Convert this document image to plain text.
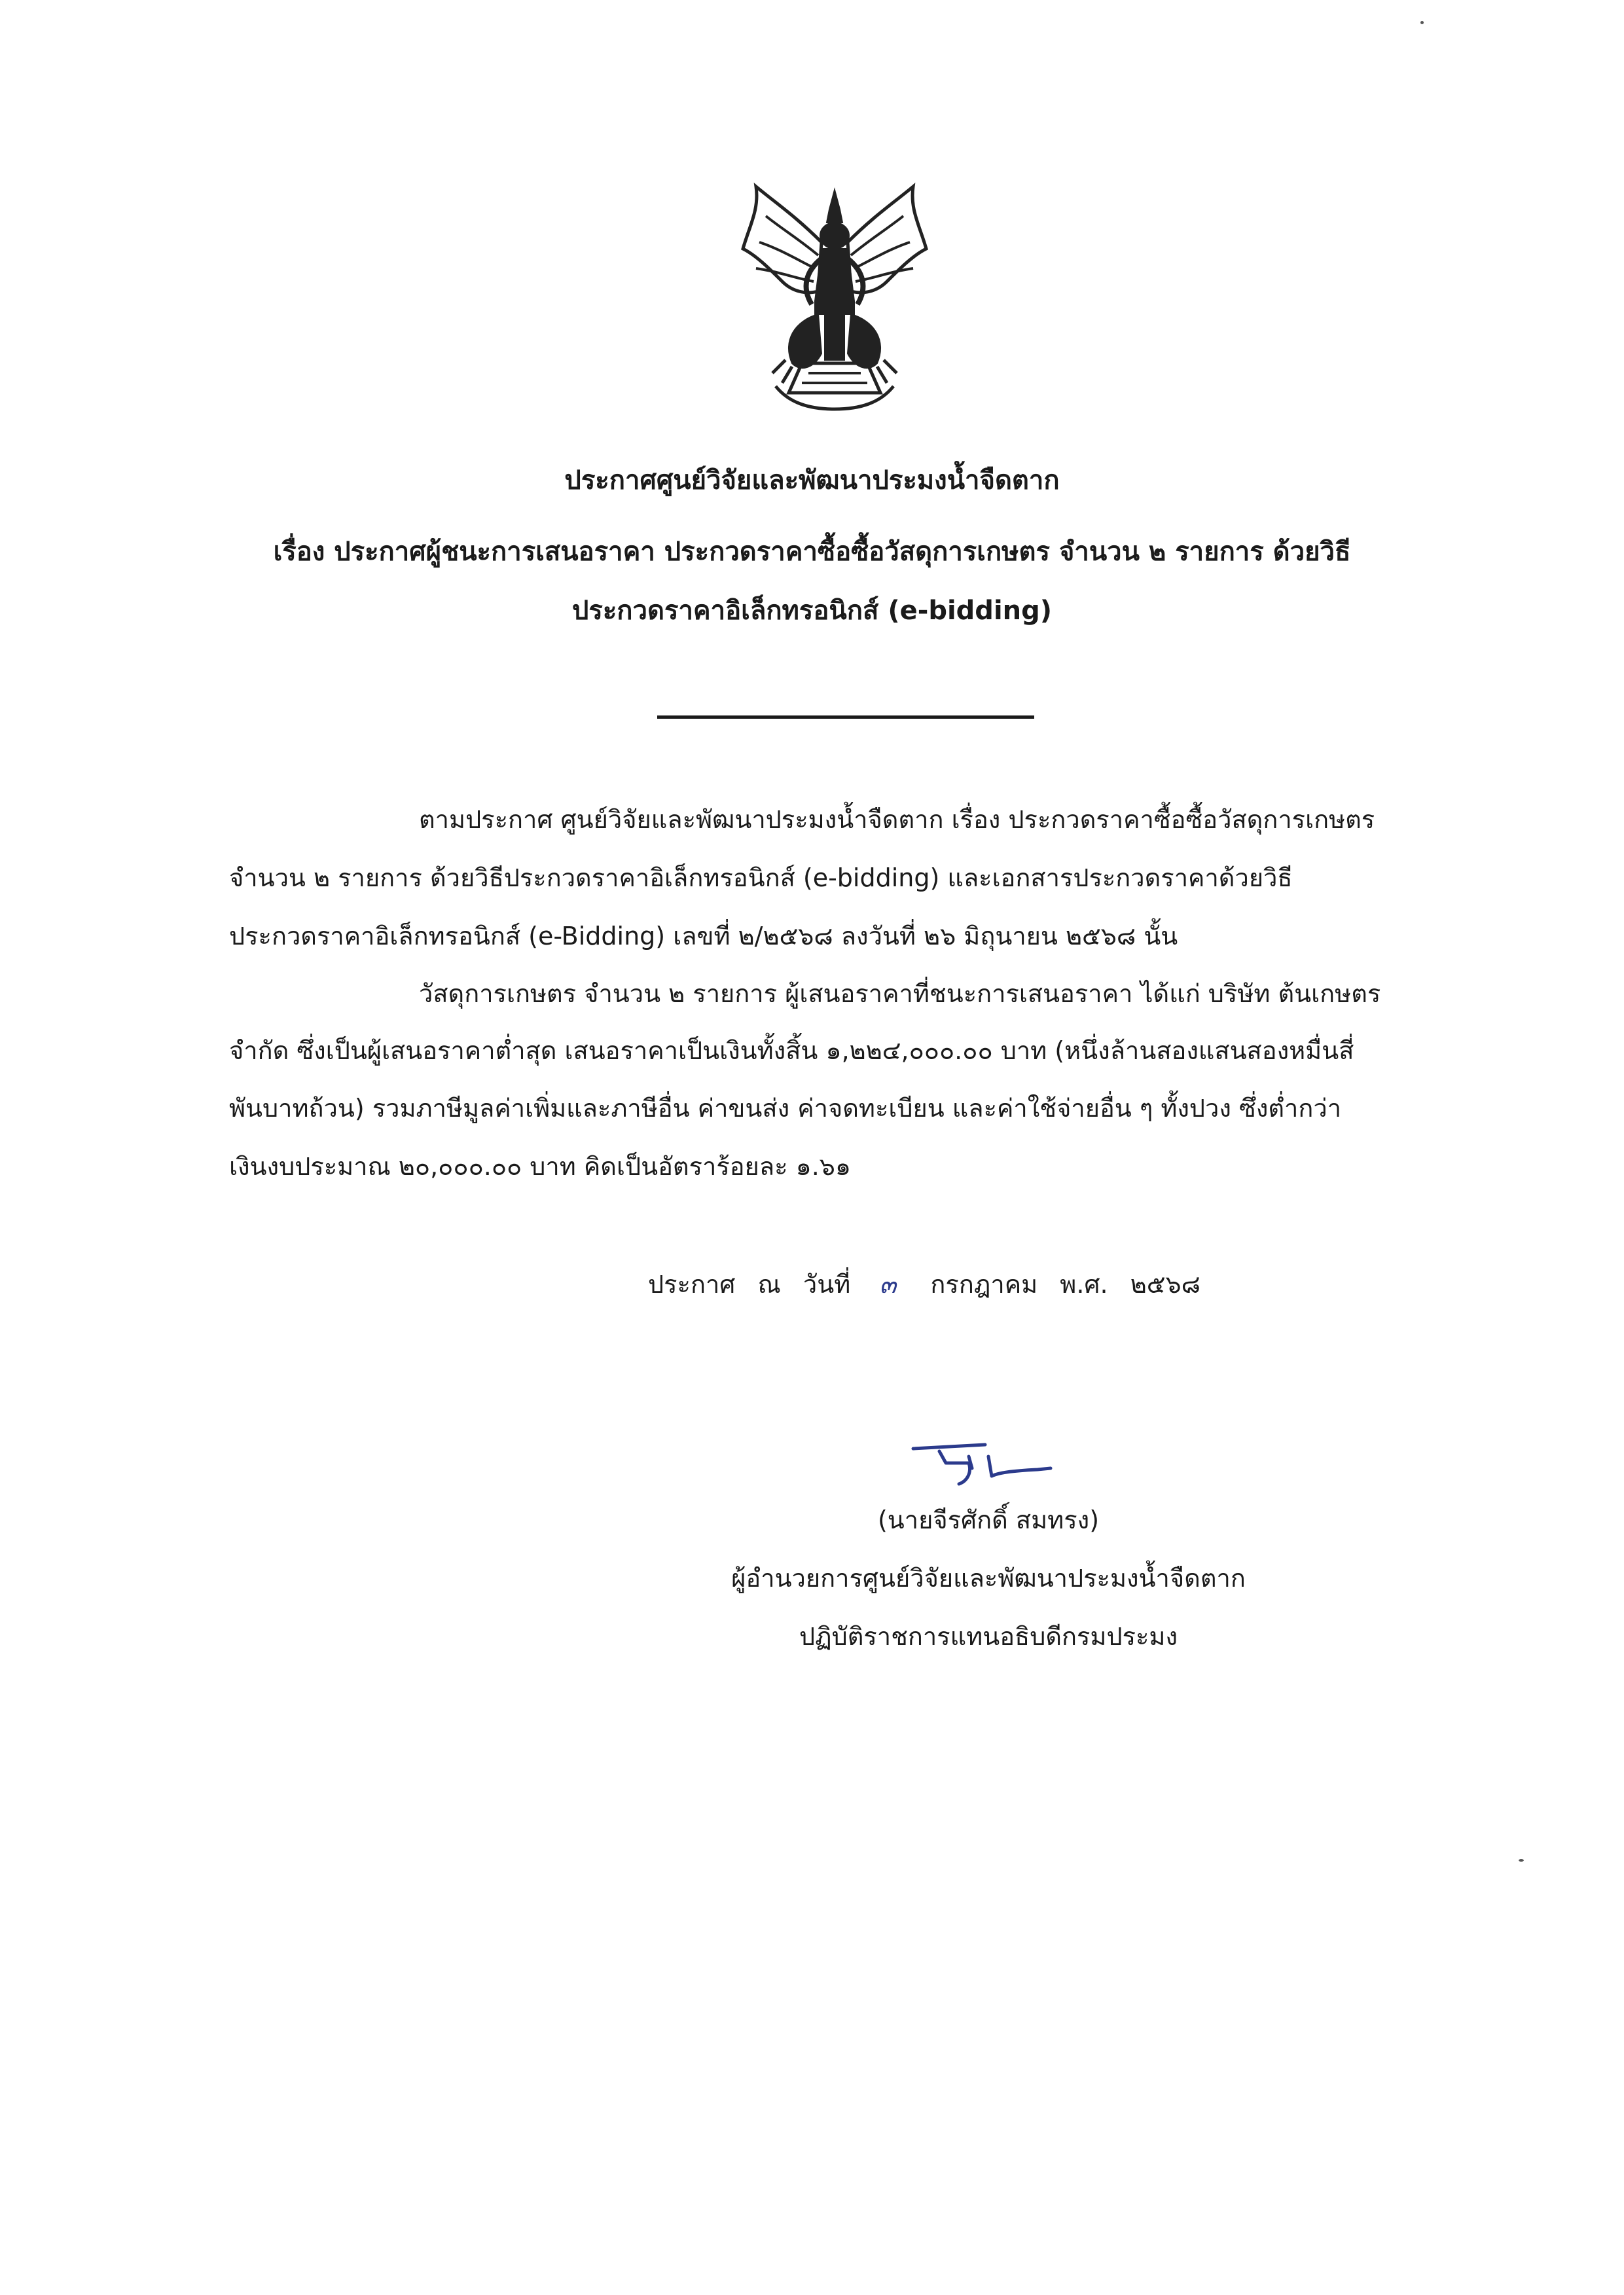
ประกาศศูนย์วิจัยและพัฒนาประมงน้ำจืดตาก
เรื่อง ประกาศผู้ชนะการเสนอราคา ประกวดราคาซื้อซื้อวัสดุการเกษตร จำนวน ๒ รายการ ด้วยวิธี
ประกวดราคาอิเล็กทรอนิกส์ (e-bidding)
ตามประกาศ ศูนย์วิจัยและพัฒนาประมงน้ำจืดตาก เรื่อง ประกวดราคาซื้อซื้อวัสดุการเกษตร
จำนวน ๒ รายการ ด้วยวิธีประกวดราคาอิเล็กทรอนิกส์ (e-bidding) และเอกสารประกวดราคาด้วยวิธี
ประกวดราคาอิเล็กทรอนิกส์ (e-Bidding) เลขที่ ๒/๒๕๖๘ ลงวันที่ ๒๖ มิถุนายน ๒๕๖๘ นั้น
วัสดุการเกษตร จำนวน ๒ รายการ ผู้เสนอราคาที่ชนะการเสนอราคา ได้แก่ บริษัท ต้นเกษตร
จำกัด ซึ่งเป็นผู้เสนอราคาต่ำสุด เสนอราคาเป็นเงินทั้งสิ้น ๑,๒๒๔,๐๐๐.๐๐ บาท (หนึ่งล้านสองแสนสองหมื่นสี่
พันบาทถ้วน) รวมภาษีมูลค่าเพิ่มและภาษีอื่น ค่าขนส่ง ค่าจดทะเบียน และค่าใช้จ่ายอื่น ๆ ทั้งปวง ซึ่งต่ำกว่า
เงินงบประมาณ ๒๐,๐๐๐.๐๐ บาท คิดเป็นอัตราร้อยละ ๑.๖๑
ประกาศ ณ วันที่ ๓ กรกฎาคม พ.ศ. ๒๕๖๘
(นายจีรศักดิ์ สมทรง)
ผู้อำนวยการศูนย์วิจัยและพัฒนาประมงน้ำจืดตาก
ปฏิบัติราชการแทนอธิบดีกรมประมง
